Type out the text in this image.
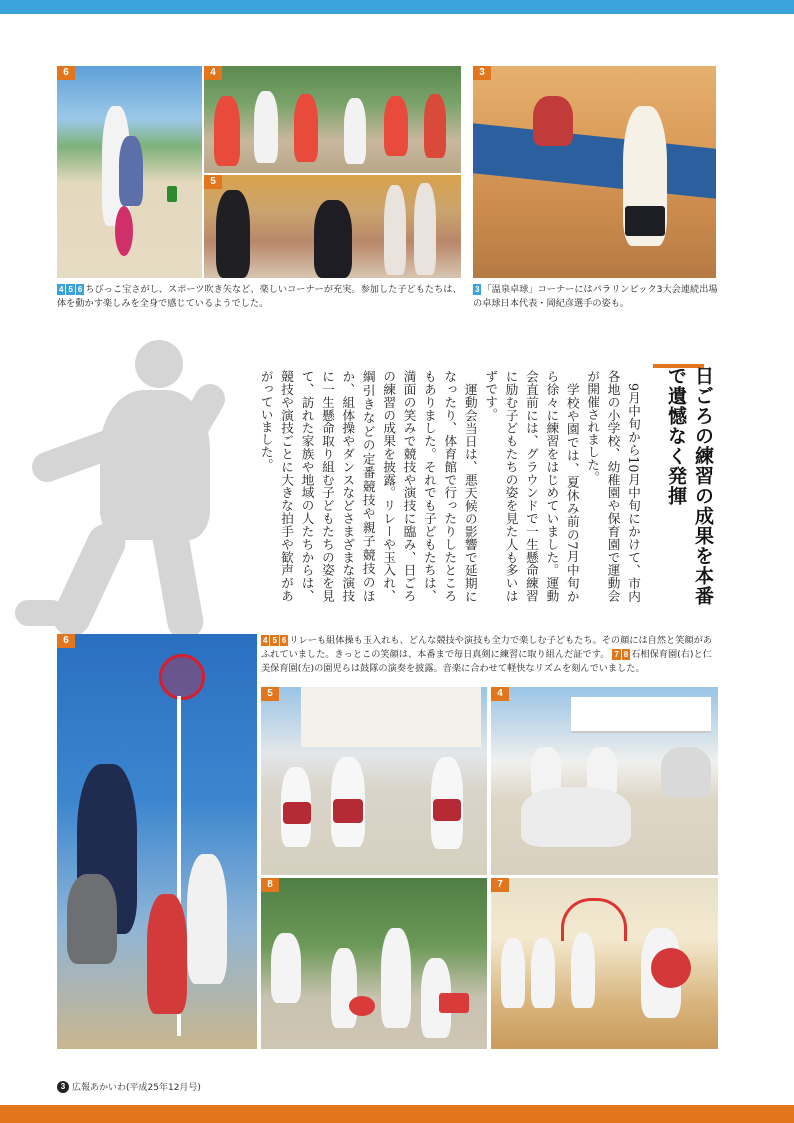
6	4
5
3
4 5 6 ちびっこ宝さがし、スポーツ吹き矢など、楽しいコーナーが充実。参加した子どもたちは、体を動かす楽しみを全身で感じているようでした。
3 「温泉卓球」コーナーにはパラリンピック3大会連続出場の卓球日本代表・岡紀彦選手の姿も。
日ごろの練習の成果を本番で遺憾なく発揮

9月中旬から10月中旬にかけて、市内各地の小学校、幼稚園や保育園で運動会が開催されました。

学校や園では、夏休み前の7月中旬から徐々に練習をはじめていました。運動会直前には、グラウンドで一生懸命練習に励む子どもたちの姿を見た人も多いはずです。

運動会当日は、悪天候の影響で延期になったり、体育館で行ったりしたところもありました。それでも子どもたちは、満面の笑みで競技や演技に臨み、日ごろの練習の成果を披露。リレーや玉入れ、綱引きなどの定番競技や親子競技のほか、組体操やダンスなどさまざまな演技に一生懸命取り組む子どもたちの姿を見て、訪れた家族や地域の人たちからは、競技や演技ごとに大きな拍手や歓声があがっていました。

4 5 6 リレーも組体操も玉入れも、どんな競技や演技も全力で楽しむ子どもたち。その顔には自然と笑顔があふれていました。きっとこの笑顔は、本番まで毎日真剣に練習に取り組んだ証です。 7 8 石相保育園(右)と仁美保育園(左)の園児らは鼓隊の演奏を披露。音楽に合わせて軽快なリズムを刻んでいました。
6
5	4
8	7
3 広報あかいわ(平成25年12月号)
